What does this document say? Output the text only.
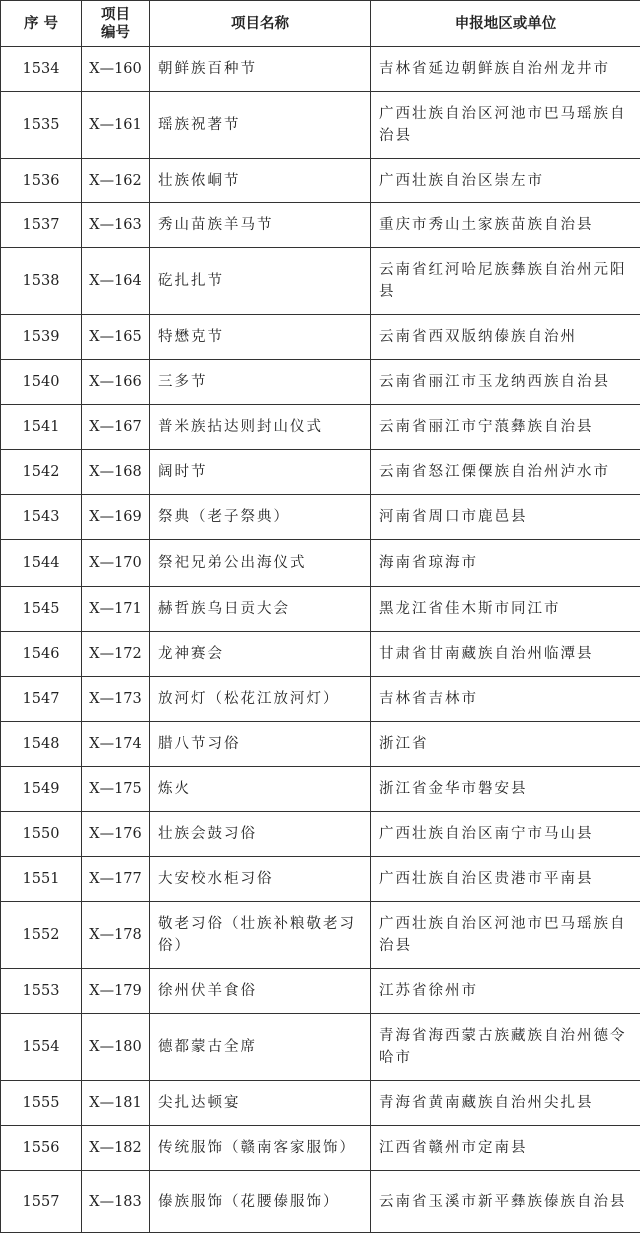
序 号	项目编号	项目名称	申报地区或单位
1534	Ⅹ—160	朝鲜族百种节	吉林省延边朝鲜族自治州龙井市
1535	Ⅹ—161	瑶族祝著节	广西壮族自治区河池市巴马瑶族自治县
1536	Ⅹ—162	壮族侬峒节	广西壮族自治区崇左市
1537	Ⅹ—163	秀山苗族羊马节	重庆市秀山土家族苗族自治县
1538	Ⅹ—164	矻扎扎节	云南省红河哈尼族彝族自治州元阳县
1539	Ⅹ—165	特懋克节	云南省西双版纳傣族自治州
1540	Ⅹ—166	三多节	云南省丽江市玉龙纳西族自治县
1541	Ⅹ—167	普米族拈达则封山仪式	云南省丽江市宁蒗彝族自治县
1542	Ⅹ—168	阔时节	云南省怒江傈僳族自治州泸水市
1543	Ⅹ—169	祭典（老子祭典）	河南省周口市鹿邑县
1544	Ⅹ—170	祭祀兄弟公出海仪式	海南省琼海市
1545	Ⅹ—171	赫哲族乌日贡大会	黑龙江省佳木斯市同江市
1546	Ⅹ—172	龙神赛会	甘肃省甘南藏族自治州临潭县
1547	Ⅹ—173	放河灯（松花江放河灯）	吉林省吉林市
1548	Ⅹ—174	腊八节习俗	浙江省
1549	Ⅹ—175	炼火	浙江省金华市磐安县
1550	Ⅹ—176	壮族会鼓习俗	广西壮族自治区南宁市马山县
1551	Ⅹ—177	大安校水柜习俗	广西壮族自治区贵港市平南县
1552	Ⅹ—178	敬老习俗（壮族补粮敬老习俗）	广西壮族自治区河池市巴马瑶族自治县
1553	Ⅹ—179	徐州伏羊食俗	江苏省徐州市
1554	Ⅹ—180	德都蒙古全席	青海省海西蒙古族藏族自治州德令哈市
1555	Ⅹ—181	尖扎达顿宴	青海省黄南藏族自治州尖扎县
1556	Ⅹ—182	传统服饰（赣南客家服饰）	江西省赣州市定南县
1557	Ⅹ—183	傣族服饰（花腰傣服饰）	云南省玉溪市新平彝族傣族自治县
